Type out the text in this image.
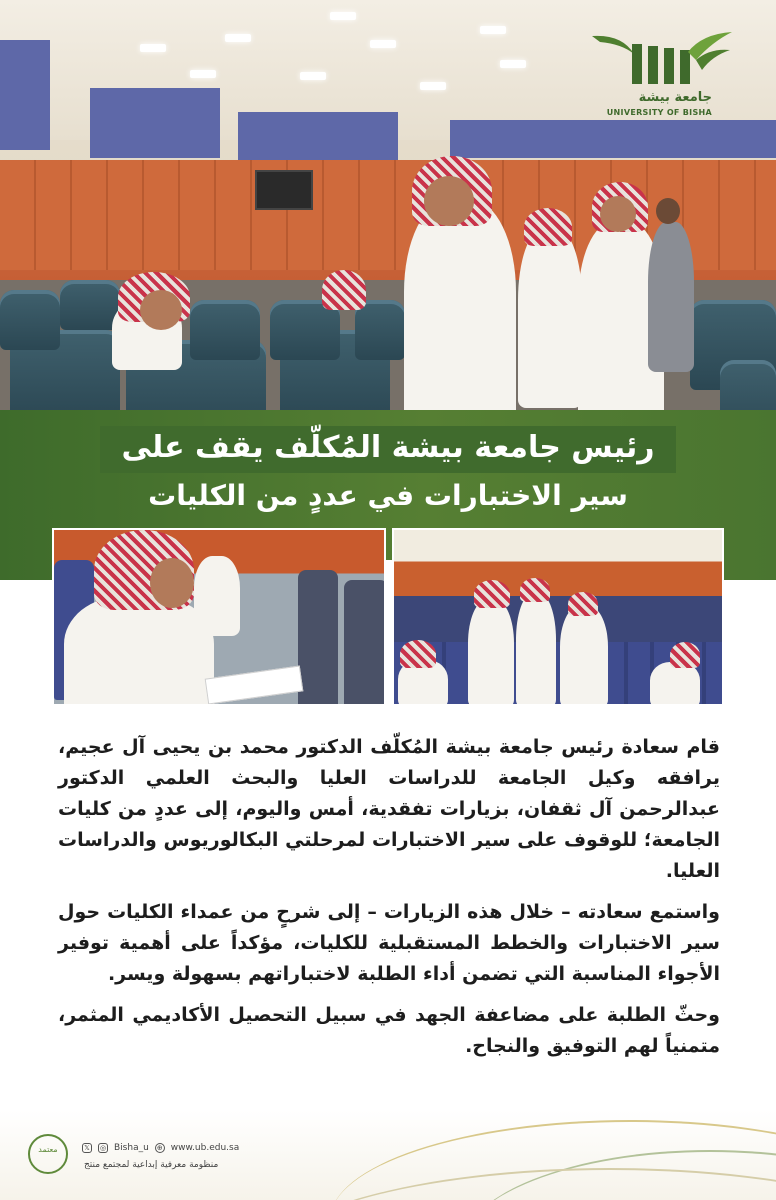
جامعة بيشة
UNIVERSITY OF BISHA
رئيس جامعة بيشة المُكلّف يقف على
سير الاختبارات في عددٍ من الكليات

قام سعادة رئيس جامعة بيشة المُكلّف الدكتور محمد بن يحيى آل عجيم، يرافقه وكيل الجامعة للدراسات العليا والبحث العلمي الدكتور عبدالرحمن آل ثقفان، بزيارات تفقدية، أمس واليوم، إلى عددٍ من كليات الجامعة؛ للوقوف على سير الاختبارات لمرحلتي البكالوريوس والدراسات العليا.

واستمع سعادته – خلال هذه الزيارات – إلى شرحٍ من عمداء الكليات حول سير الاختبارات والخطط المستقبلية للكليات، مؤكداً على أهمية توفير الأجواء المناسبة التي تضمن أداء الطلبة لاختباراتهم بسهولة ويسر.

وحثّ الطلبة على مضاعفة الجهد في سبيل التحصيل الأكاديمي المثمر، متمنياً لهم التوفيق والنجاح.

معتمد	𝕏	◎ Bisha_u ⊕ www.ub.edu.sa
منظومة معرفية إبداعية لمجتمع منتج
